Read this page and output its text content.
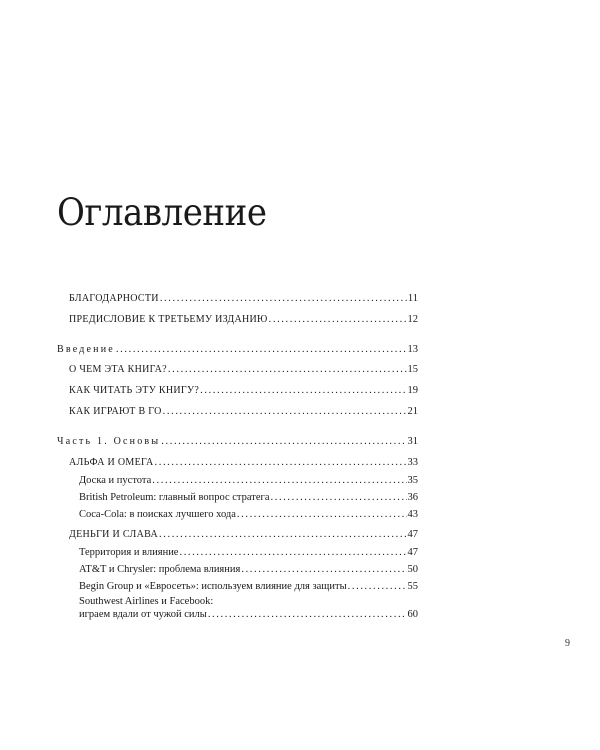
Оглавление
БЛАГОДАРНОСТИ .....	11
ПРЕДИСЛОВИЕ К ТРЕТЬЕМУ ИЗДАНИЮ .....	12
Введение .....	13
О ЧЕМ ЭТА КНИГА? .....	15
КАК ЧИТАТЬ ЭТУ КНИГУ? .....	19
КАК ИГРАЮТ В ГО .....	21
Часть 1. Основы .....	31
АЛЬФА И ОМЕГА .....	33
Доска и пустота .....	35
British Petroleum: главный вопрос стратега .....	36
Coca-Cola: в поисках лучшего хода .....	43
ДЕНЬГИ И СЛАВА .....	47
Территория и влияние .....	47
AT&T и Chrysler: проблема влияния .....	50
Begin Group и «Евросеть»: используем влияние для защиты .....	55
Southwest Airlines и Facebook:
играем вдали от чужой силы .....	60
9
